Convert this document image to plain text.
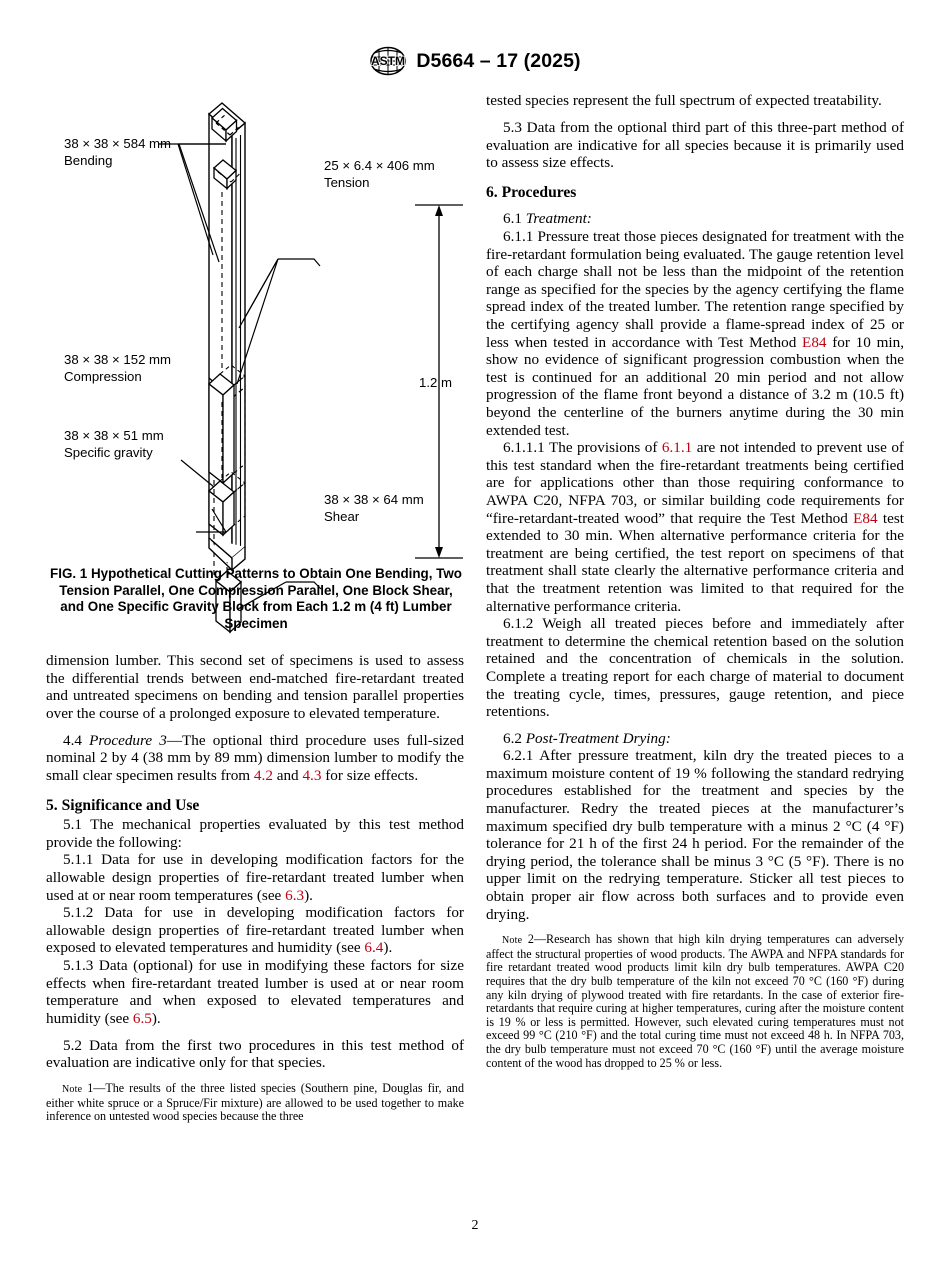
ASTM D5664 – 17 (2025)
38 × 38 × 584 mm
Bending	25 × 6.4 × 406 mm
Tension
38 × 38 × 152 mm
Compression
38 × 38 × 51 mm
Specific gravity
38 × 38 × 64 mm
Shear
1.2 m
FIG. 1 Hypothetical Cutting Patterns to Obtain One Bending, Two Tension Parallel, One Compression Parallel, One Block Shear, and One Specific Gravity Block from Each 1.2 m (4 ft) Lumber Specimen

dimension lumber. This second set of specimens is used to assess the differential trends between end-matched fire-retardant treated and untreated specimens on bending and tension parallel properties over the course of a prolonged exposure to elevated temperature.

4.4 Procedure 3—The optional third procedure uses full-sized nominal 2 by 4 (38 mm by 89 mm) dimension lumber to modify the small clear specimen results from 4.2 and 4.3 for size effects.

5. Significance and Use

5.1 The mechanical properties evaluated by this test method provide the following:

5.1.1 Data for use in developing modification factors for the allowable design properties of fire-retardant treated lumber when used at or near room temperatures (see 6.3).

5.1.2 Data for use in developing modification factors for allowable design properties of fire-retardant treated lumber when exposed to elevated temperatures and humidity (see 6.4).

5.1.3 Data (optional) for use in modifying these factors for size effects when fire-retardant treated lumber is used at or near room temperature and when exposed to elevated temperatures and humidity (see 6.5).

5.2 Data from the first two procedures in this test method of evaluation are indicative only for that species.

Note 1—The results of the three listed species (Southern pine, Douglas fir, and either white spruce or a Spruce/Fir mixture) are allowed to be used together to make inference on untested wood species because the three

tested species represent the full spectrum of expected treatability.

5.3 Data from the optional third part of this three-part method of evaluation are indicative for all species because it is primarily used to assess size effects.

6. Procedures

6.1 Treatment:

6.1.1 Pressure treat those pieces designated for treatment with the fire-retardant formulation being evaluated. The gauge retention level of each charge shall not be less than the midpoint of the retention range as specified for the species by the agency certifying the flame spread index of the treated lumber. The retention range specified by the certifying agency shall provide a flame-spread index of 25 or less when tested in accordance with Test Method E84 for 10 min, show no evidence of significant progression combustion when the test is continued for an additional 20 min period and not allow progression of the flame front beyond a distance of 3.2 m (10.5 ft) beyond the centerline of the burners anytime during the 30 min extended test.

6.1.1.1 The provisions of 6.1.1 are not intended to prevent use of this test standard when the fire-retardant treatments being certified are for applications other than those requiring conformance to AWPA C20, NFPA 703, or similar building code requirements for “fire-retardant-treated wood” that require the Test Method E84 test extended to 30 min. When alternative performance criteria for the treatment are being certified, the test report on specimens of that treatment shall state clearly the alternative performance criteria and that the treatment retention was limited to that required for the alternative performance criteria.

6.1.2 Weigh all treated pieces before and immediately after treatment to determine the chemical retention based on the solution retained and the concentration of chemicals in the solution. Complete a treating report for each charge of material to document the treating cycle, times, pressures, gauge retention, and piece retentions.

6.2 Post-Treatment Drying:

6.2.1 After pressure treatment, kiln dry the treated pieces to a maximum moisture content of 19 % following the standard redrying procedures established for the treatment and species by the manufacturer. Redry the treated pieces at the manufacturer’s maximum specified dry bulb temperature with a minus 2 °C (4 °F) tolerance for 21 h of the first 24 h period. For the remainder of the drying period, the tolerance shall be minus 3 °C (5 °F). There is no upper limit on the redrying temperature. Sticker all test pieces to obtain proper air flow across both surfaces and to provide even drying.

Note 2—Research has shown that high kiln drying temperatures can adversely affect the structural properties of wood products. The AWPA and NFPA standards for fire retardant treated wood products limit kiln dry bulb temperatures. AWPA C20 requires that the dry bulb temperature of the kiln not exceed 70 °C (160 °F) during any kiln drying of plywood treated with fire retardants. In the case of exterior fire-retardants that require curing at higher temperatures, curing after the moisture content is 19 % or less is permitted. However, such elevated curing temperatures must not exceed 99 °C (210 °F) and the total curing time must not exceed 48 h. In NFPA 703, the dry bulb temperature must not exceed 70 °C (160 °F) until the average moisture content of the wood has dropped to 25 % or less.

2
